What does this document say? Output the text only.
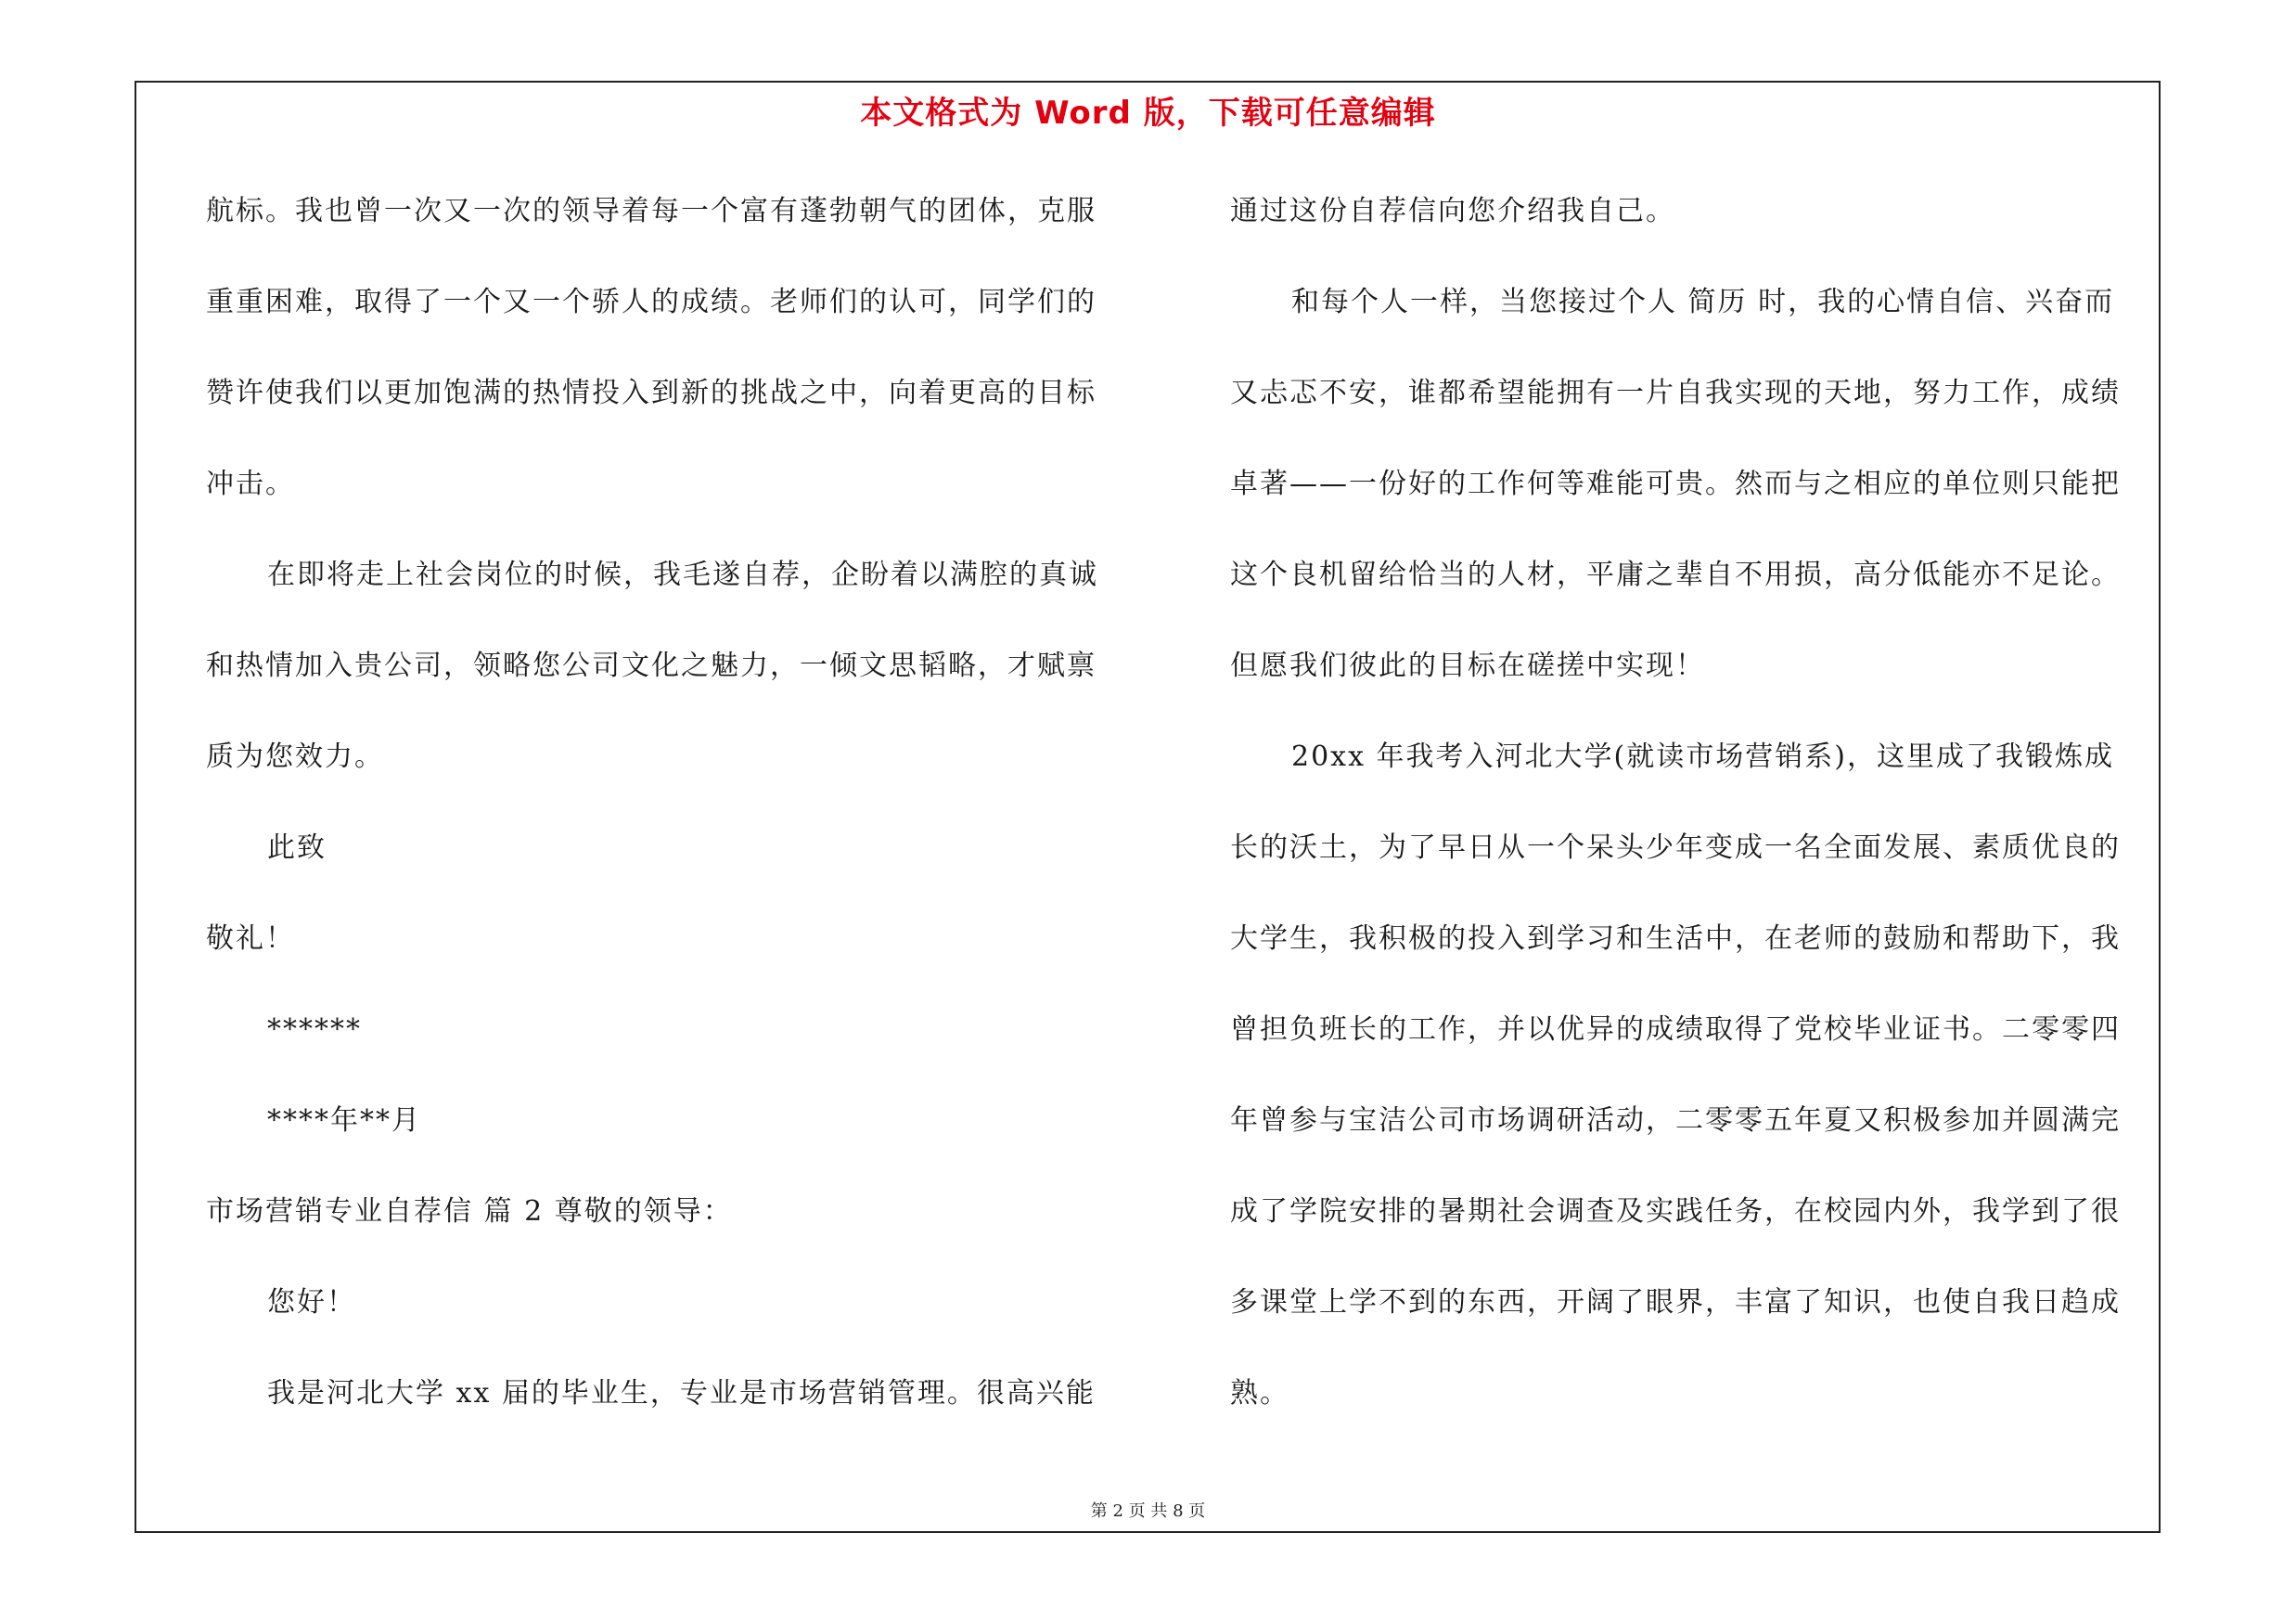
本文格式为 Word 版，下载可任意编辑
航标。我也曾一次又一次的领导着每一个富有蓬勃朝气的团体，克服
重重困难，取得了一个又一个骄人的成绩。老师们的认可，同学们的
赞许使我们以更加饱满的热情投入到新的挑战之中，向着更高的目标
冲击。
在即将走上社会岗位的时候，我毛遂自荐，企盼着以满腔的真诚
和热情加入贵公司，领略您公司文化之魅力，一倾文思韬略，才赋禀
质为您效力。
此致
敬礼！
******
****年**月
市场营销专业自荐信 篇 2 尊敬的领导：
您好！
我是河北大学 xx 届的毕业生，专业是市场营销管理。很高兴能
通过这份自荐信向您介绍我自己。
和每个人一样，当您接过个人 简历 时，我的心情自信、兴奋而
又忐忑不安，谁都希望能拥有一片自我实现的天地，努力工作，成绩
卓著——一份好的工作何等难能可贵。然而与之相应的单位则只能把
这个良机留给恰当的人材，平庸之辈自不用损，高分低能亦不足论。
但愿我们彼此的目标在磋搓中实现！
20xx 年我考入河北大学(就读市场营销系)，这里成了我锻炼成
长的沃土，为了早日从一个呆头少年变成一名全面发展、素质优良的
大学生，我积极的投入到学习和生活中，在老师的鼓励和帮助下，我
曾担负班长的工作，并以优异的成绩取得了党校毕业证书。二零零四
年曾参与宝洁公司市场调研活动，二零零五年夏又积极参加并圆满完
成了学院安排的暑期社会调查及实践任务，在校园内外，我学到了很
多课堂上学不到的东西，开阔了眼界，丰富了知识，也使自我日趋成
熟。
第 2 页 共 8 页
